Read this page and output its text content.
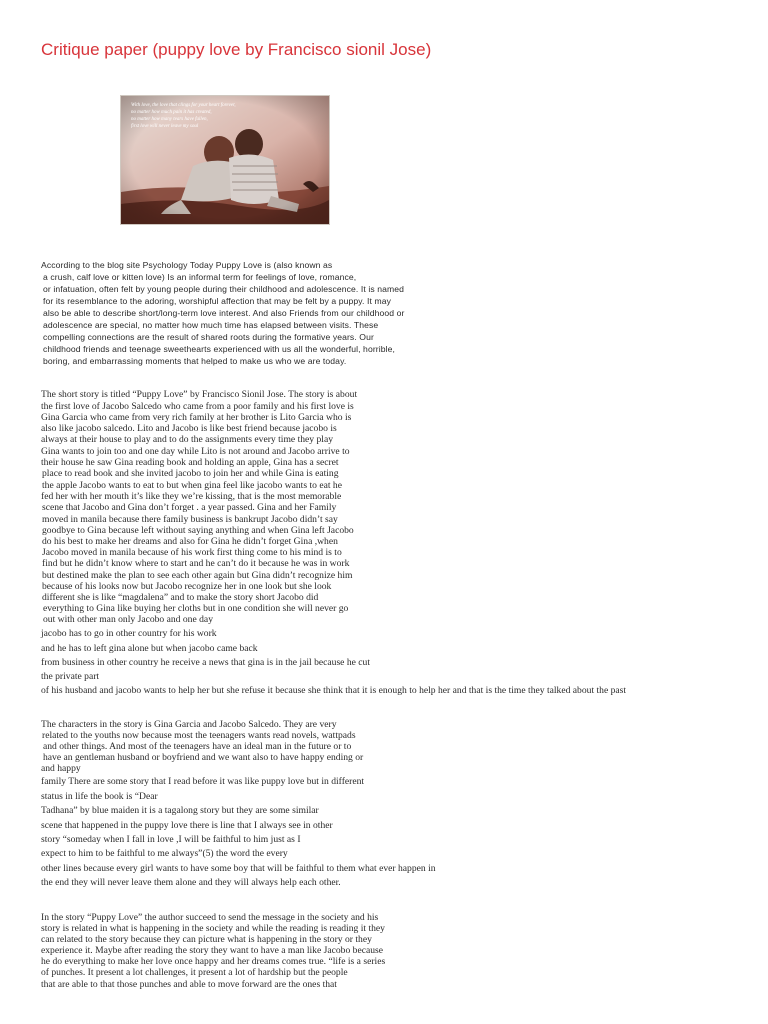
Critique paper (puppy love by Francisco sionil Jose)
With love, the love that clings for your heart forever,
no matter how much pain it has created,
no matter how many tears have fallen,
first love will never leave my soul
According to the blog site Psychology Today Puppy Love is (also known as
a crush, calf love or kitten love) Is an informal term for feelings of love, romance,
or infatuation, often felt by young people during their childhood and adolescence. It is named
for its resemblance to the adoring, worshipful affection that may be felt by a puppy. It may
also be able to describe short/long-term love interest. And also Friends from our childhood or
adolescence are special, no matter how much time has elapsed between visits. These
compelling connections are the result of shared roots during the formative years. Our
childhood friends and teenage sweethearts experienced with us all the wonderful, horrible,
boring, and embarrassing moments that helped to make us who we are today.
The short story is titled “Puppy Love” by Francisco Sionil Jose. The story is about
the first love of Jacobo Salcedo who came from a poor family and his first love is
Gina Garcia who came from very rich family at her brother is Lito Garcia who is
also like jacobo salcedo. Lito and Jacobo is like best friend because jacobo is
always at their house to play and to do the assignments every time they play
Gina wants to join too and one day while Lito is not around and Jacobo arrive to
their house he saw Gina reading book and holding an apple, Gina has a secret
place to read book and she invited jacobo to join her and while Gina is eating
the apple Jacobo wants to eat to but when gina feel like jacobo wants to eat he
fed her with her mouth it’s like they we’re kissing, that is the most memorable
scene that Jacobo and Gina don’t forget . a year passed. Gina and her Family
moved in manila because there family business is bankrupt Jacobo didn’t say
goodbye to Gina because left without saying anything and when Gina left Jacobo
do his best to make her dreams and also for Gina he didn’t forget Gina ,when
Jacobo moved in manila because of his work first thing come to his mind is to
find but he didn’t know where to start and he can’t do it because he was in work
but destined make the plan to see each other again but Gina didn’t recognize him
because of his looks now but Jacobo recognize her in one look but she look
different she is like “magdalena” and to make the story short Jacobo did
everything to Gina like buying her cloths but in one condition she will never go
out with other man only Jacobo and one day
jacobo has to go in other country for his work
and he has to left gina alone but when jacobo came back
from business in other country he receive a news that gina is in the jail because he cut
the private part
of his husband and jacobo wants to help her but she refuse it because she think that it is enough to help her and that is the time they talked about the past
The characters in the story is Gina Garcia and Jacobo Salcedo. They are very
related to the youths now because most the teenagers wants read novels, wattpads
and other things. And most of the teenagers have an ideal man in the future or to
have an gentleman husband or boyfriend and we want also to have happy ending or
and happy
family There are some story that I read before it was like puppy love but in different
status in life the book is “Dear
Tadhana” by blue maiden it is a tagalong story but they are some similar
scene that happened in the puppy love there is line that I always see in other
story “someday when I fall in love ,I will be faithful to him just as I
expect to him to be faithful to me always”(5) the word the every
other lines because every girl wants to have some boy that will be faithful to them what ever happen in
the end they will never leave them alone and they will always help each other.
In the story “Puppy Love” the author succeed to send the message in the society and his
story is related in what is happening in the society and while the reading is reading it they
can related to the story because they can picture what is happening in the story or they
experience it. Maybe after reading the story they want to have a man like Jacobo because
he do everything to make her love once happy and her dreams comes true. “life is a series
of punches. It present a lot challenges, it present a lot of hardship but the people
that are able to that those punches and able to move forward are the ones that
